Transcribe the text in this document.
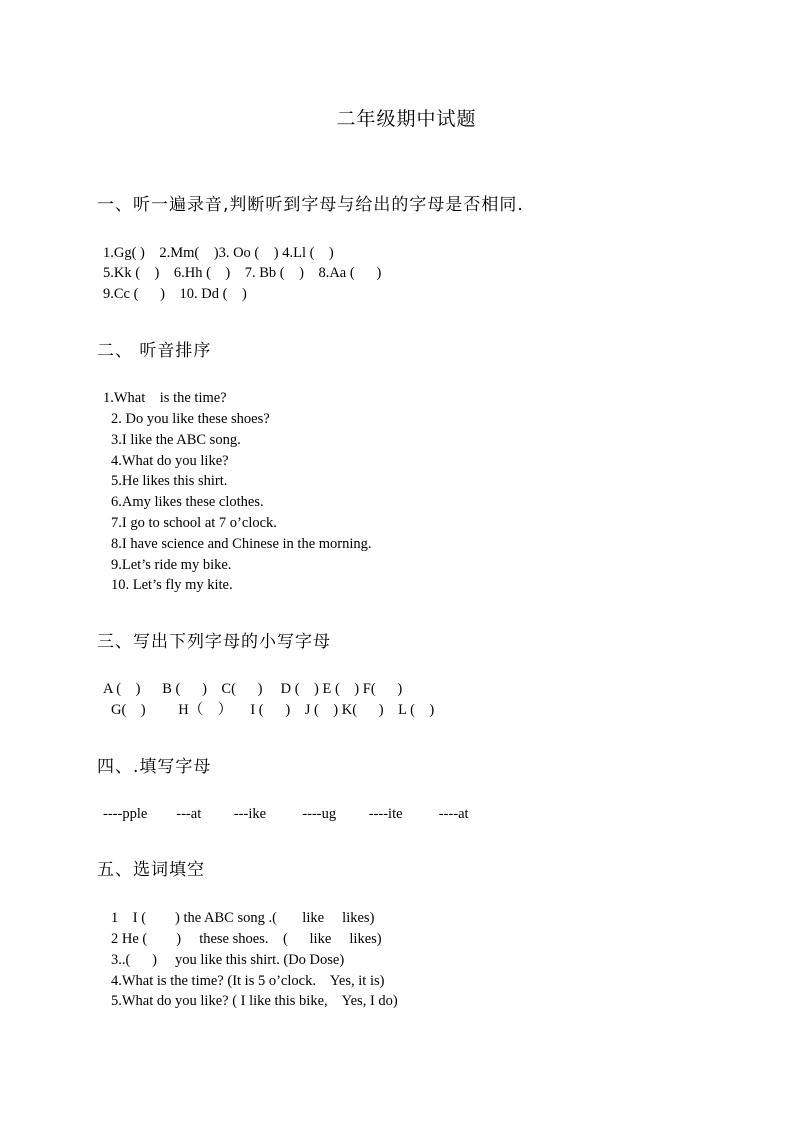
二年级期中试题
一、听一遍录音,判断听到字母与给出的字母是否相同.
1.Gg( )    2.Mm(    )3. Oo (    ) 4.Ll (    )
5.Kk (    )    6.Hh (    )    7. Bb (    )    8.Aa (      )
9.Cc (      )    10. Dd (    )
二、 听音排序
1.What    is the time?
2. Do you like these shoes?
3.I like the ABC song.
4.What do you like?
5.He likes this shirt.
6.Amy likes these clothes.
7.I go to school at 7 o’clock.
8.I have science and Chinese in the morning.
9.Let’s ride my bike.
10. Let’s fly my kite.
三、写出下列字母的小写字母
A (    )      B (      )    C(      )     D (    ) E (    ) F(      )
G(    )         H（    ）     I (      )    J (    ) K(      )    L (    )
四、.填写字母
----pple        ---at         ---ike          ----ug         ----ite          ----at
五、选词填空
1    I (        ) the ABC song .(       like     likes)
2 He (        )     these shoes.    (      like     likes)
3..(      )     you like this shirt. (Do Dose)
4.What is the time? (It is 5 o’clock.    Yes, it is)
5.What do you like? ( I like this bike,    Yes, I do)
